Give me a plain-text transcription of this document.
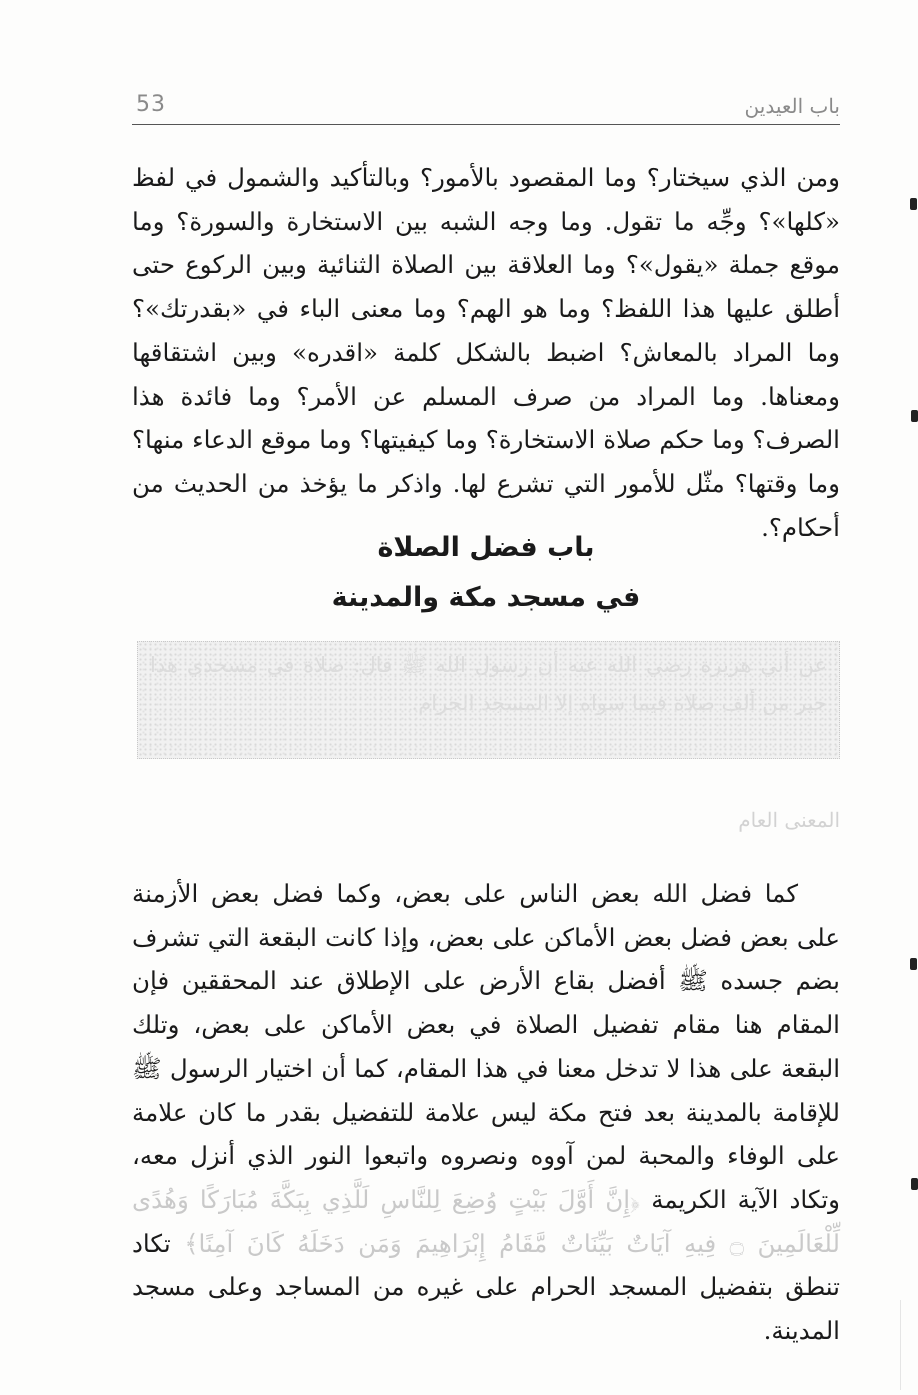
53	باب العيدين

ومن الذي سيختار؟ وما المقصود بالأمور؟ وبالتأكيد والشمول في لفظ «كلها»؟ وجِّه ما تقول. وما وجه الشبه بين الاستخارة والسورة؟ وما موقع جملة «يقول»؟ وما العلاقة بين الصلاة الثنائية وبين الركوع حتى أطلق عليها هذا اللفظ؟ وما هو الهم؟ وما معنى الباء في «بقدرتك»؟ وما المراد بالمعاش؟ اضبط بالشكل كلمة «اقدره» وبين اشتقاقها ومعناها. وما المراد من صرف المسلم عن الأمر؟ وما فائدة هذا الصرف؟ وما حكم صلاة الاستخارة؟ وما كيفيتها؟ وما موقع الدعاء منها؟ وما وقتها؟ مثّل للأمور التي تشرع لها. واذكر ما يؤخذ من الحديث من أحكام؟.

باب فضل الصلاة
في مسجد مكة والمدينة
عن أبي هريرة رضي الله عنه أن رسول الله ﷺ قال: صلاة في مسجدي هذا خير من ألف صلاة فيما سواه إلا المسجد الحرام.
المعنى العام

كما فضل الله بعض الناس على بعض، وكما فضل بعض الأزمنة على بعض فضل بعض الأماكن على بعض، وإذا كانت البقعة التي تشرف بضم جسده ﷺ أفضل بقاع الأرض على الإطلاق عند المحققين فإن المقام هنا مقام تفضيل الصلاة في بعض الأماكن على بعض، وتلك البقعة على هذا لا تدخل معنا في هذا المقام، كما أن اختيار الرسول ﷺ للإقامة بالمدينة بعد فتح مكة ليس علامة للتفضيل بقدر ما كان علامة على الوفاء والمحبة لمن آووه ونصروه واتبعوا النور الذي أنزل معه، وتكاد الآية الكريمة ﴿إِنَّ أَوَّلَ بَيْتٍ وُضِعَ لِلنَّاسِ لَلَّذِي بِبَكَّةَ مُبَارَكًا وَهُدًى لِّلْعَالَمِينَ ۝ فِيهِ آيَاتٌ بَيِّنَاتٌ مَّقَامُ إِبْرَاهِيمَ وَمَن دَخَلَهُ كَانَ آمِنًا﴾ تكاد تنطق بتفضيل المسجد الحرام على غيره من المساجد وعلى مسجد المدينة.
